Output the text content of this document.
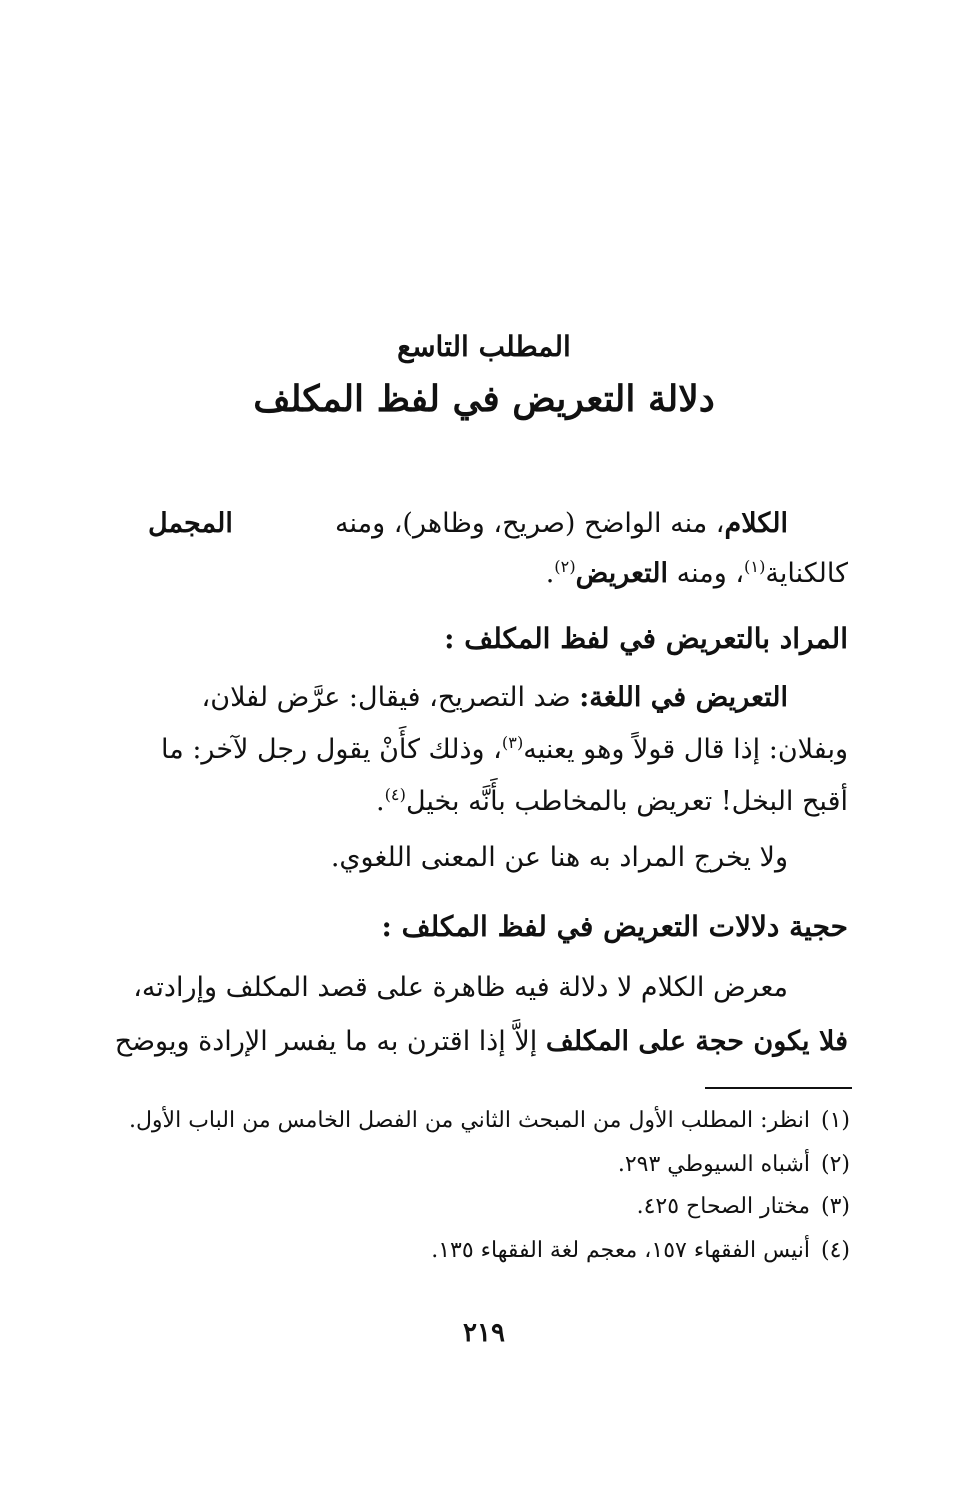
المطلب التاسع
دلالة التعريض في لفظ المكلف
الكلام، منه الواضح (صريح، وظاهر)، ومنه
المجمل
كالكناية$^{(١)}$، ومنه التعريض$^{(٢)}$.
المراد بالتعريض في لفظ المكلف :
التعريض في اللغة: ضد التصريح، فيقال: عرَّض لفلان،
وبفلان: إذا قال قولاً وهو يعنيه$^{(٣)}$، وذلك كأَنْ يقول رجل لآخر: ما
أقبح البخل! تعريض بالمخاطب بأَنَّه بخيل$^{(٤)}$.
ولا يخرج المراد به هنا عن المعنى اللغوي.
حجية دلالات التعريض في لفظ المكلف :
معرض الكلام لا دلالة فيه ظاهرة على قصد المكلف وإرادته،
فلا يكون حجة على المكلف إلاَّ إذا اقترن به ما يفسر الإرادة ويوضح
(١)انظر: المطلب الأول من المبحث الثاني من الفصل الخامس من الباب الأول.
(٢)أشباه السيوطي ٢٩٣.
(٣)مختار الصحاح ٤٢٥.
(٤)أنيس الفقهاء ١٥٧، معجم لغة الفقهاء ١٣٥.
٢١٩
